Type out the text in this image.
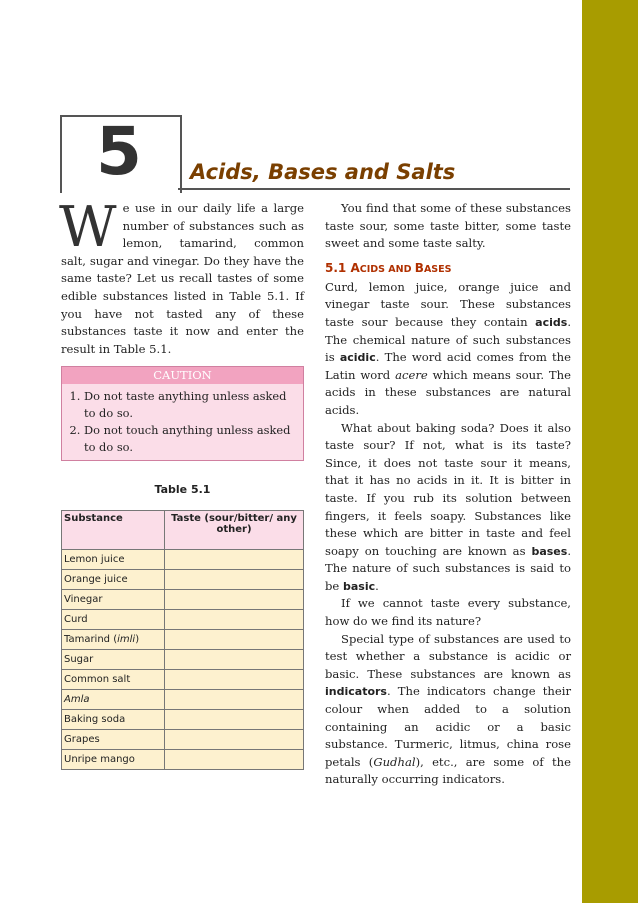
5	Acids, Bases and Salts

We use in our daily life a large number of substances such as lemon, tamarind, common salt, sugar and vinegar. Do they have the same taste? Let us recall tastes of some edible substances listed in Table 5.1. If you have not tasted any of these substances taste it now and enter the result in Table 5.1.

CAUTION
1. Do not taste anything unless asked to do so.
2. Do not touch anything unless asked to do so.
Table 5.1
Substance	Taste (sour/bitter/ any other)
Lemon juice	
Orange juice	
Vinegar	
Curd	
Tamarind (imli)	
Sugar	
Common salt	
Amla	
Baking soda	
Grapes	
Unripe mango	

You find that some of these substances taste sour, some taste bitter, some taste sweet and some taste salty.

5.1 ACIDS AND BASES

Curd, lemon juice, orange juice and vinegar taste sour. These substances taste sour because they contain acids. The chemical nature of such substances is acidic. The word acid comes from the Latin word acere which means sour. The acids in these substances are natural acids.

What about baking soda? Does it also taste sour? If not, what is its taste? Since, it does not taste sour it means, that it has no acids in it. It is bitter in taste. If you rub its solution between fingers, it feels soapy. Substances like these which are bitter in taste and feel soapy on touching are known as bases. The nature of such substances is said to be basic.

If we cannot taste every substance, how do we find its nature?

Special type of substances are used to test whether a substance is acidic or basic. These substances are known as indicators. The indicators change their colour when added to a solution containing an acidic or a basic substance. Turmeric, litmus, china rose petals (Gudhal), etc., are some of the naturally occurring indicators.
